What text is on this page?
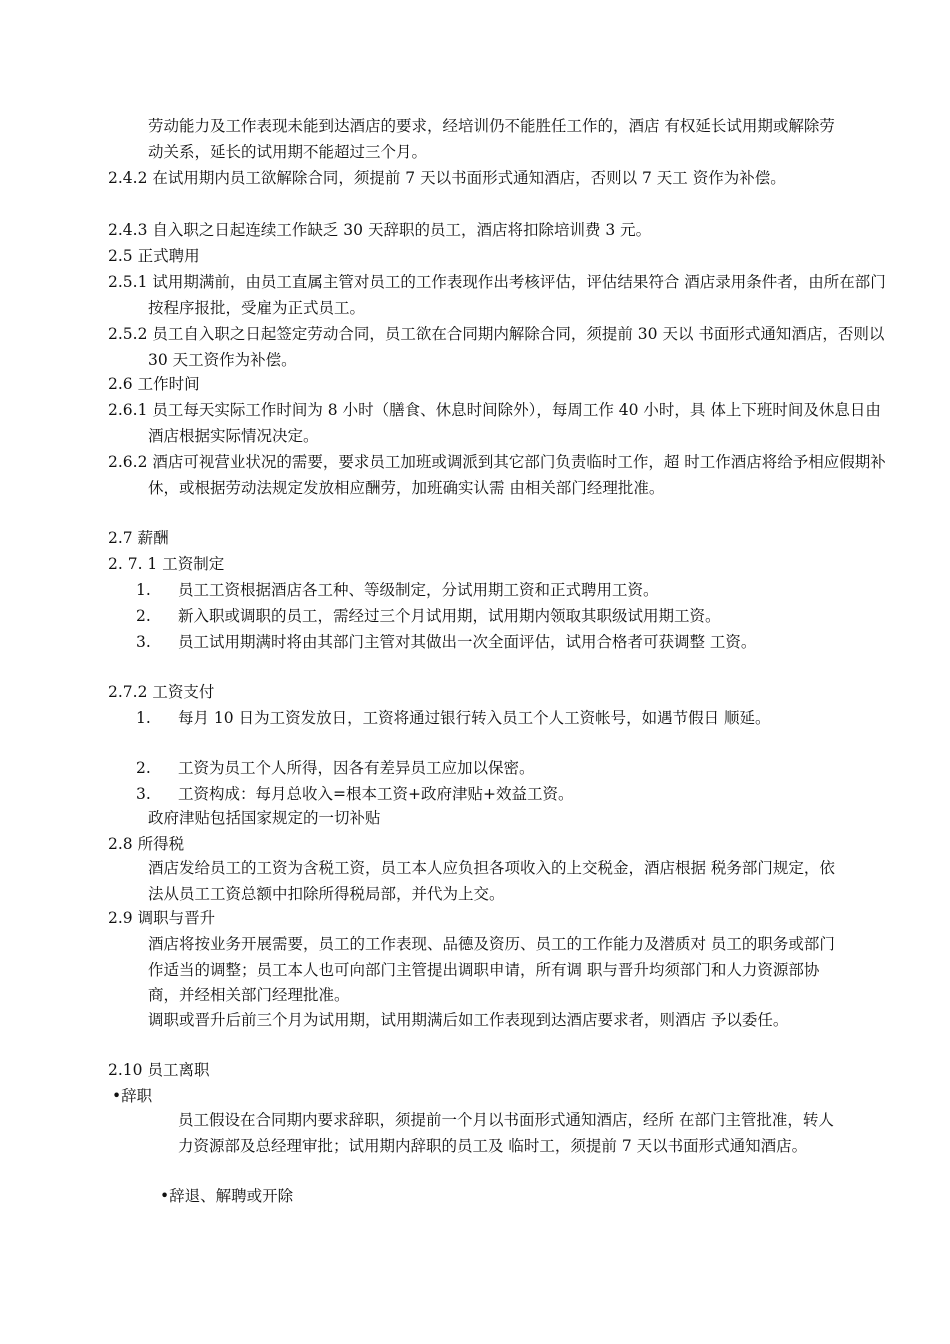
劳动能力及工作表现未能到达酒店的要求，经培训仍不能胜任工作的，酒店 有权延长试用期或解除劳动关系，延长的试用期不能超过三个月。

2.4.2 在试用期内员工欲解除合同，须提前 7 天以书面形式通知酒店，否则以 7 天工 资作为补偿。

2.4.3 自入职之日起连续工作缺乏 30 天辞职的员工，酒店将扣除培训费 3 元。

2.5 正式聘用

2.5.1 试用期满前，由员工直属主管对员工的工作表现作出考核评估，评估结果符合 酒店录用条件者，由所在部门按程序报批，受雇为正式员工。

2.5.2 员工自入职之日起签定劳动合同，员工欲在合同期内解除合同，须提前 30 天以 书面形式通知酒店，否则以 30 天工资作为补偿。

2.6 工作时间

2.6.1 员工每天实际工作时间为 8 小时（膳食、休息时间除外），每周工作 40 小时，具 体上下班时间及休息日由酒店根据实际情况决定。

2.6.2 酒店可视营业状况的需要，要求员工加班或调派到其它部门负责临时工作，超 时工作酒店将给予相应假期补休，或根据劳动法规定发放相应酬劳，加班确实认需 由相关部门经理批准。

2.7 薪酬

2. 7. 1 工资制定

1.	员工工资根据酒店各工种、等级制定，分试用期工资和正式聘用工资。
2.	新入职或调职的员工，需经过三个月试用期，试用期内领取其职级试用期工资。
3.	员工试用期满时将由其部门主管对其做出一次全面评估，试用合格者可获调整 工资。

2.7.2 工资支付

1.	每月 10 日为工资发放日，工资将通过银行转入员工个人工资帐号，如遇节假日 顺延。
2.	工资为员工个人所得，因各有差异员工应加以保密。
3.	工资构成：每月总收入=根本工资+政府津贴+效益工资。

政府津贴包括国家规定的一切补贴

2.8 所得税

酒店发给员工的工资为含税工资，员工本人应负担各项收入的上交税金，酒店根据 税务部门规定，依法从员工工资总额中扣除所得税局部，并代为上交。

2.9 调职与晋升

酒店将按业务开展需要，员工的工作表现、品德及资历、员工的工作能力及潜质对 员工的职务或部门作适当的调整；员工本人也可向部门主管提出调职申请，所有调 职与晋升均须部门和人力资源部协商，并经相关部门经理批准。

调职或晋升后前三个月为试用期，试用期满后如工作表现到达酒店要求者，则酒店 予以委任。

2.10 员工离职

•辞职

员工假设在合同期内要求辞职，须提前一个月以书面形式通知酒店，经所 在部门主管批准，转人力资源部及总经理审批；试用期内辞职的员工及 临时工，须提前 7 天以书面形式通知酒店。

•辞退、解聘或开除
